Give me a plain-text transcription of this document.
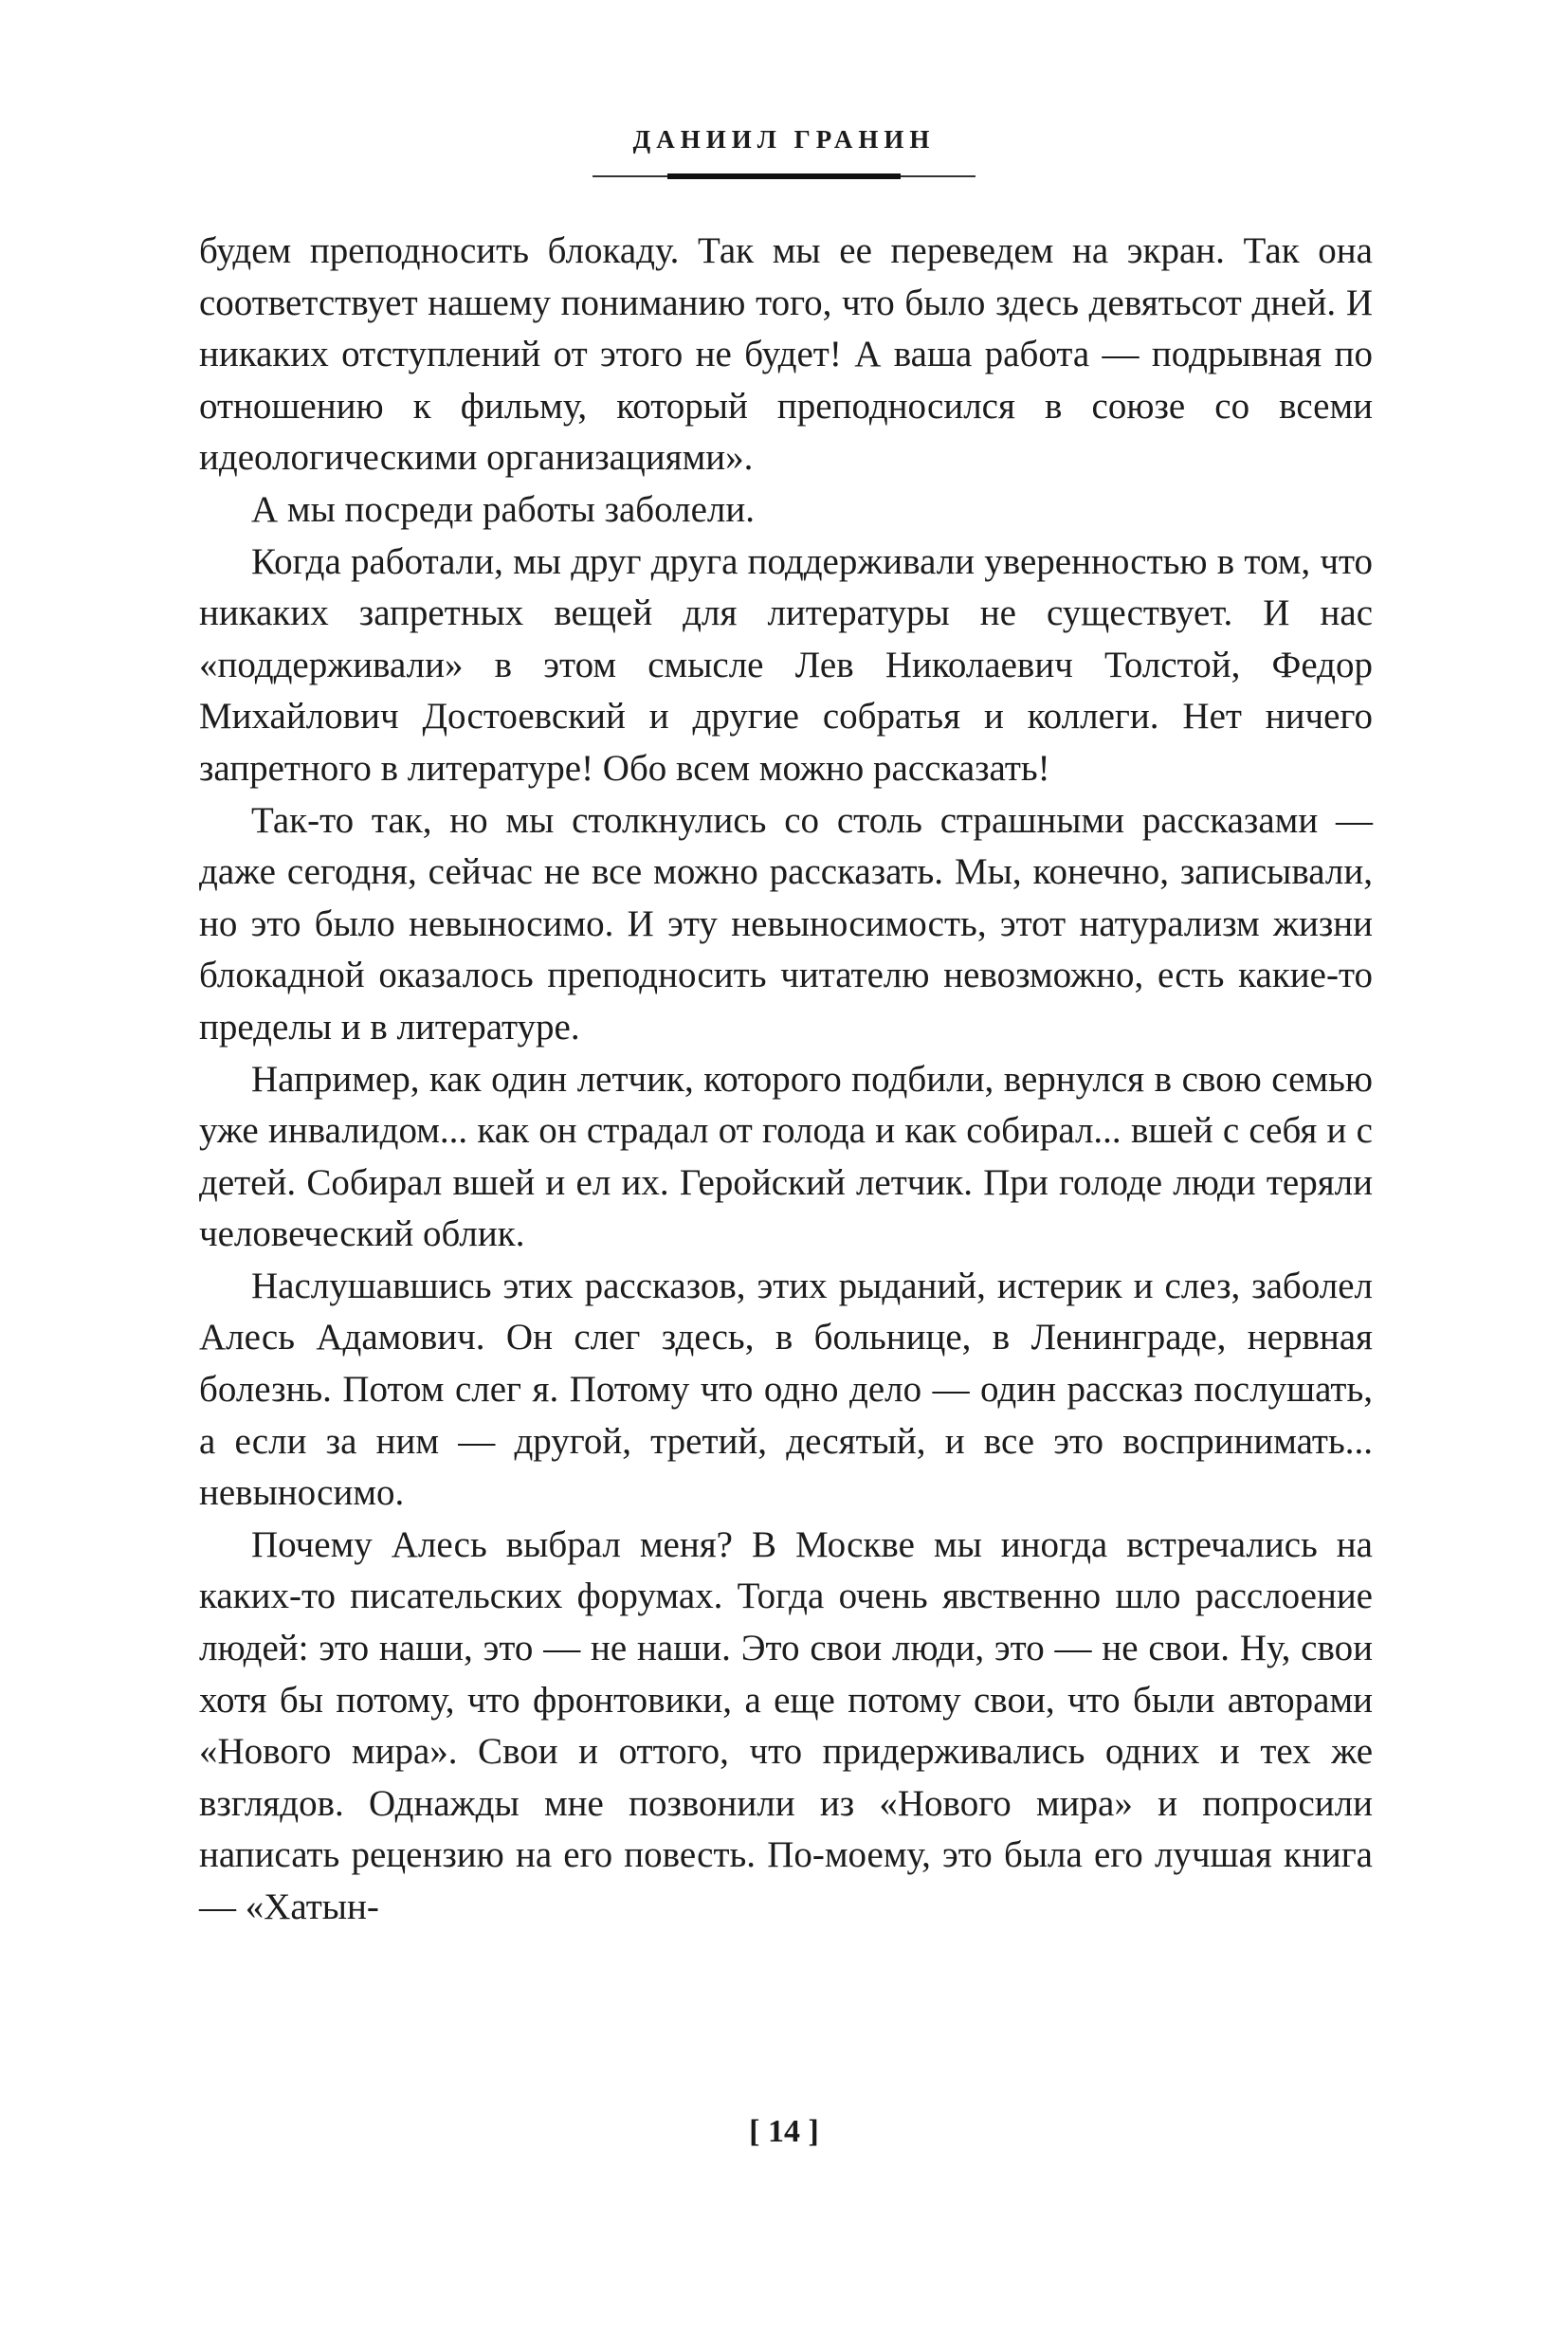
ДАНИИЛ ГРАНИН

будем преподносить блокаду. Так мы ее переведем на экран. Так она соответствует нашему пониманию того, что было здесь девятьсот дней. И никаких отступлений от этого не будет! А ваша работа — подрывная по отношению к фильму, который преподносился в союзе со всеми идеологическими организациями».

А мы посреди работы заболели.

Когда работали, мы друг друга поддерживали уверенностью в том, что никаких запретных вещей для литературы не существует. И нас «поддерживали» в этом смысле Лев Николаевич Толстой, Федор Михайлович Достоевский и другие собратья и коллеги. Нет ничего запретного в литературе! Обо всем можно рассказать!

Так-то так, но мы столкнулись со столь страшными рассказами — даже сегодня, сейчас не все можно рассказать. Мы, конечно, записывали, но это было невыносимо. И эту невыносимость, этот натурализм жизни блокадной оказалось преподносить читателю невозможно, есть какие-то пределы и в литературе.

Например, как один летчик, которого подбили, вернулся в свою семью уже инвалидом... как он страдал от голода и как собирал... вшей с себя и с детей. Собирал вшей и ел их. Геройский летчик. При голоде люди теряли человеческий облик.

Наслушавшись этих рассказов, этих рыданий, истерик и слез, заболел Алесь Адамович. Он слег здесь, в больнице, в Ленинграде, нервная болезнь. Потом слег я. Потому что одно дело — один рассказ послушать, а если за ним — другой, третий, десятый, и все это воспринимать... невыносимо.

Почему Алесь выбрал меня? В Москве мы иногда встречались на каких-то писательских форумах. Тогда очень явственно шло расслоение людей: это наши, это — не наши. Это свои люди, это — не свои. Ну, свои хотя бы потому, что фронтовики, а еще потому свои, что были авторами «Нового мира». Свои и оттого, что придерживались одних и тех же взглядов. Однажды мне позвонили из «Нового мира» и попросили написать рецензию на его повесть. По-моему, это была его лучшая книга — «Хатын-

[ 14 ]
